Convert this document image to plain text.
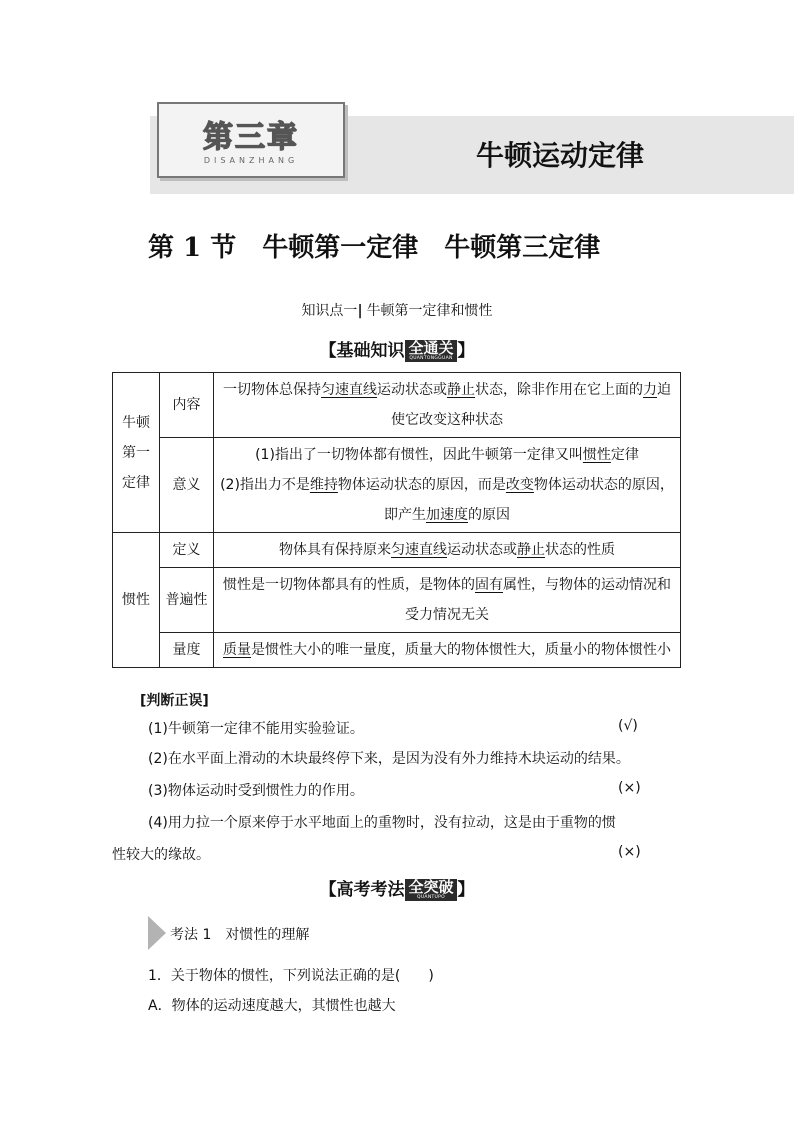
第三章
DISANZHANG	牛顿运动定律
第 1 节　牛顿第一定律　牛顿第三定律
知识点一| 牛顿第一定律和惯性
【基础知识 全通关
QUANTONGGUAN 】
牛顿第一定律	内容	一切物体总保持匀速直线运动状态或静止状态，除非作用在它上面的力迫使它改变这种状态
	意义	(1)指出了一切物体都有惯性，因此牛顿第一定律又叫惯性定律
		(2)指出力不是维持物体运动状态的原因，而是改变物体运动状态的原因，即产生加速度的原因
惯性	定义	物体具有保持原来匀速直线运动状态或静止状态的性质
	普遍性	惯性是一切物体都具有的性质，是物体的固有属性，与物体的运动情况和受力情况无关
	量度	质量是惯性大小的唯一量度，质量大的物体惯性大，质量小的物体惯性小
[判断正误]
(1)牛顿第一定律不能用实验验证。	(√)
(2)在水平面上滑动的木块最终停下来，是因为没有外力维持木块运动的结果。
(3)物体运动时受到惯性力的作用。	(×)
(4)用力拉一个原来停于水平地面上的重物时，没有拉动，这是由于重物的惯
性较大的缘故。	(×)
【高考考法 全突破
QUANTUPO 】
考法 1　对惯性的理解
1．关于物体的惯性，下列说法正确的是(　　)
A．物体的运动速度越大，其惯性也越大
